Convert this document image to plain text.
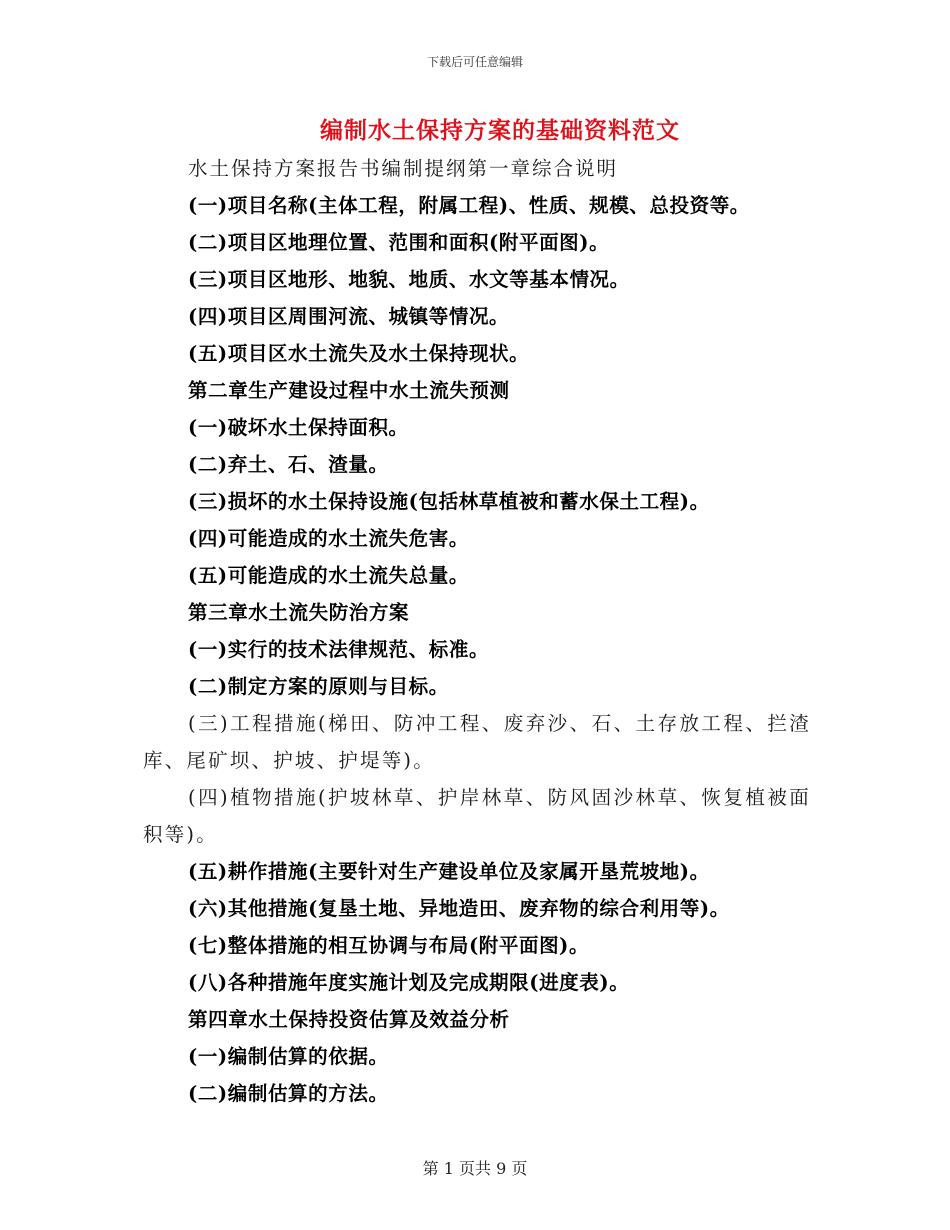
下载后可任意编辑
编制水土保持方案的基础资料范文
水土保持方案报告书编制提纲第一章综合说明
(一)项目名称(主体工程，附属工程)、性质、规模、总投资等。
(二)项目区地理位置、范围和面积(附平面图)。
(三)项目区地形、地貌、地质、水文等基本情况。
(四)项目区周围河流、城镇等情况。
(五)项目区水土流失及水土保持现状。
第二章生产建设过程中水土流失预测
(一)破坏水土保持面积。
(二)弃土、石、渣量。
(三)损坏的水土保持设施(包括林草植被和蓄水保土工程)。
(四)可能造成的水土流失危害。
(五)可能造成的水土流失总量。
第三章水土流失防治方案
(一)实行的技术法律规范、标准。
(二)制定方案的原则与目标。
(三)工程措施(梯田、防冲工程、废弃沙、石、土存放工程、拦渣库、尾矿坝、护坡、护堤等)。
(四)植物措施(护坡林草、护岸林草、防风固沙林草、恢复植被面积等)。
(五)耕作措施(主要针对生产建设单位及家属开垦荒坡地)。
(六)其他措施(复垦土地、异地造田、废弃物的综合利用等)。
(七)整体措施的相互协调与布局(附平面图)。
(八)各种措施年度实施计划及完成期限(进度表)。
第四章水土保持投资估算及效益分析
(一)编制估算的依据。
(二)编制估算的方法。
第 1 页共 9 页
